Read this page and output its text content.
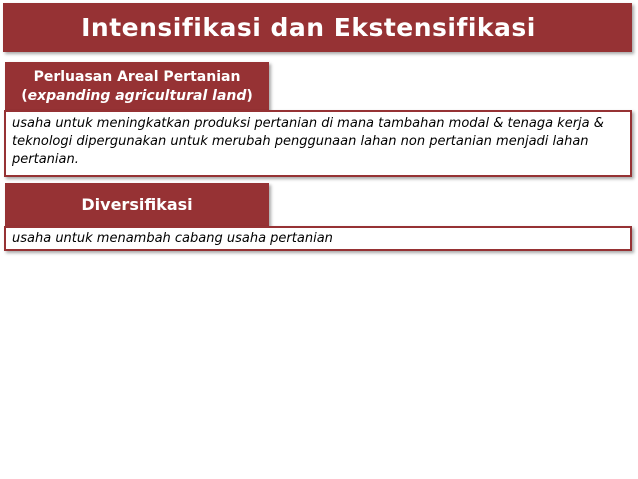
Intensifikasi dan Ekstensifikasi
Perluasan Areal Pertanian
(expanding agricultural land)
usaha untuk meningkatkan produksi pertanian di mana tambahan modal & tenaga kerja & teknologi dipergunakan untuk merubah penggunaan lahan non pertanian menjadi lahan pertanian.
Diversifikasi
usaha untuk menambah cabang usaha pertanian
